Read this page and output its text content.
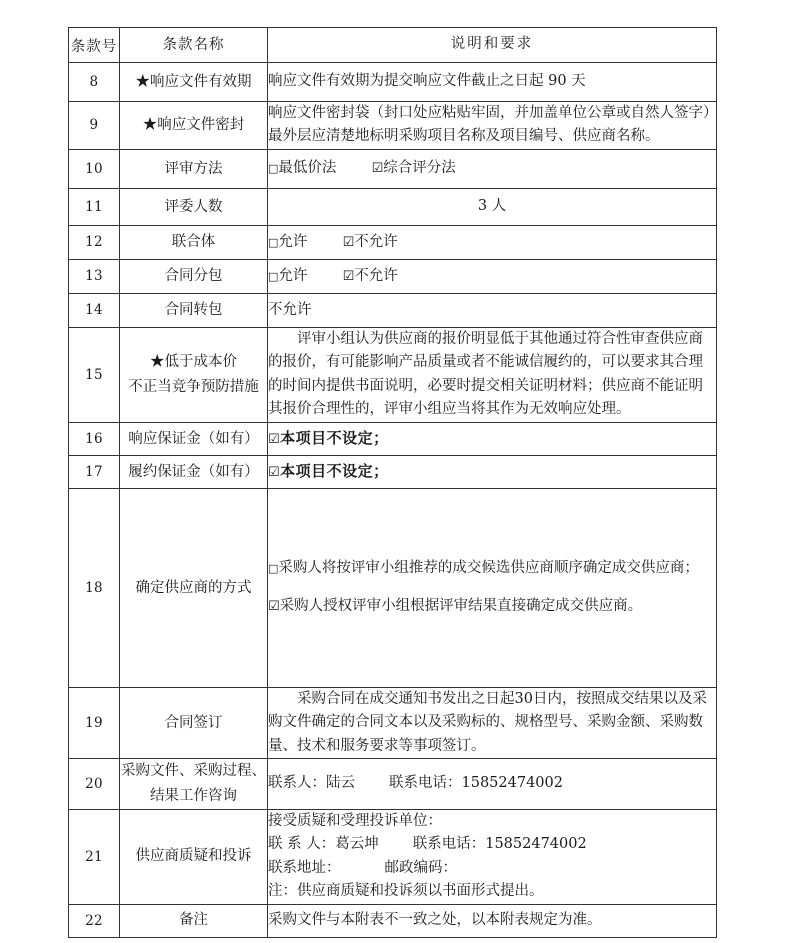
条款号	条款名称	说明和要求
8	★响应文件有效期	响应文件有效期为提交响应文件截止之日起 90 天

9	★响应文件密封	响应文件密封袋（封口处应粘贴牢固，并加盖单位公章或自然人签字）
最外层应清楚地标明采购项目名称及项目编号、供应商名称。

10	评审方法	□最低价法 ☑综合评分法
11	评委人数	3 人

12	联合体	□允许 ☑不允许
13	合同分包	□允许 ☑不允许
14	合同转包	不允许

15	★低于成本价
不正当竞争预防措施	评审小组认为供应商的报价明显低于其他通过符合性审查供应商的报价，有可能影响产品质量或者不能诚信履约的，可以要求其合理的时间内提供书面说明，必要时提交相关证明材料；供应商不能证明其报价合理性的，评审小组应当将其作为无效响应处理。

16	响应保证金（如有）	☑本项目不设定；
17	履约保证金（如有）	☑本项目不设定；
18	确定供应商的方式	□采购人将按评审小组推荐的成交候选供应商顺序确定成交供应商；
☑采购人授权评审小组根据评审结果直接确定成交供应商。

19	合同签订	采购合同在成交通知书发出之日起30日内，按照成交结果以及采购文件确定的合同文本以及采购标的、规格型号、采购金额、采购数量、技术和服务要求等事项签订。

20	采购文件、采购过程、
结果工作咨询	联系人：陆云 联系电话：15852474002

21	供应商质疑和投诉	接受质疑和受理投诉单位：
联 系 人：葛云坤 联系电话：15852474002
联系地址： 邮政编码：
注：供应商质疑和投诉须以书面形式提出。

22	备注	采购文件与本附表不一致之处，以本附表规定为准。
